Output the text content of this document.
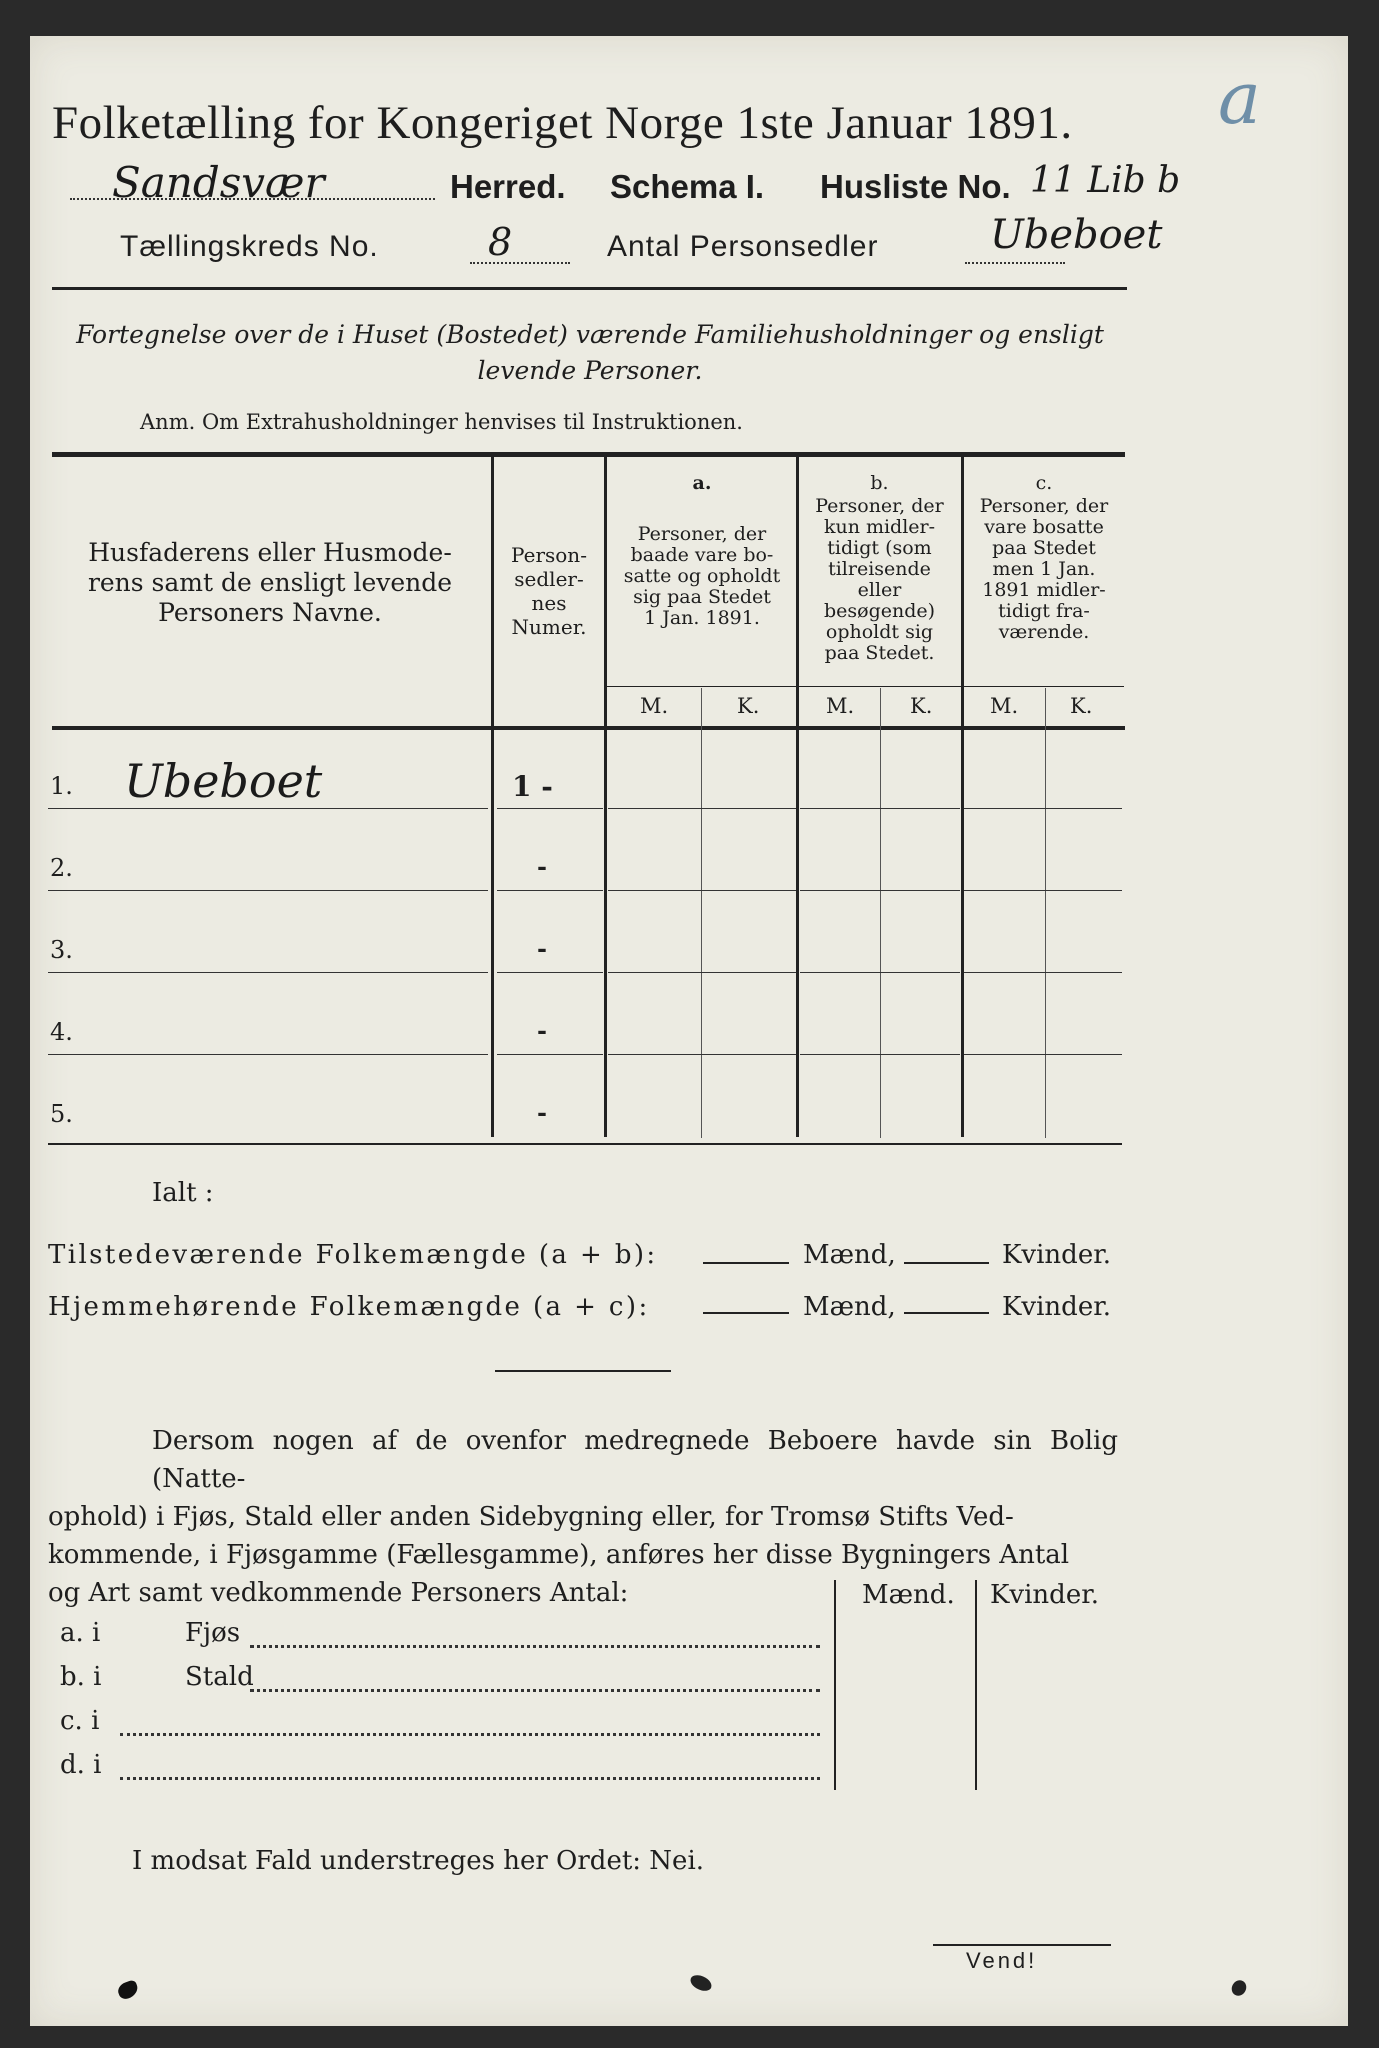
a
Folketælling for Kongeriget Norge 1ste Januar 1891.
Sandsvær	Herred. Schema I. Husliste No. 11 Lib b
Tællingskreds No.	8	Antal Personsedler	Ubeboet
Fortegnelse over de i Huset (Bostedet) værende Familiehusholdninger og ensligt
levende Personer.
Anm. Om Extrahusholdninger henvises til Instruktionen.
Husfaderens eller Husmode-
rens samt de ensligt levende
Personers Navne.
Person-
sedler-
nes
Numer.
a.
Personer, der
baade vare bo-
satte og opholdt
sig paa Stedet
1 Jan. 1891.
b.
Personer, der
kun midler-
tidigt (som
tilreisende
eller
besøgende)
opholdt sig
paa Stedet.
c.
Personer, der
vare bosatte
paa Stedet
men 1 Jan.
1891 midler-
tidigt fra-
værende.
M.	K.	M.	K.	M. K.
1. Ubeboet	1 -
2.	-
3.	-
4.	-
5.	-
Ialt :
Tilstedeværende Folkemængde (a + b):	Mænd,	Kvinder.
Hjemmehørende Folkemængde (a + c):	Mænd,	Kvinder.
Dersom nogen af de ovenfor medregnede Beboere havde sin Bolig (Natte-
ophold) i Fjøs, Stald eller anden Sidebygning eller, for Tromsø Stifts Ved-
kommende, i Fjøsgamme (Fællesgamme), anføres her disse Bygningers Antal
og Art samt vedkommende Personers Antal:	Mænd. Kvinder.
a. i	Fjøs
b. i	Stald
c. i
d. i
I modsat Fald understreges her Ordet: Nei.
Vend!
